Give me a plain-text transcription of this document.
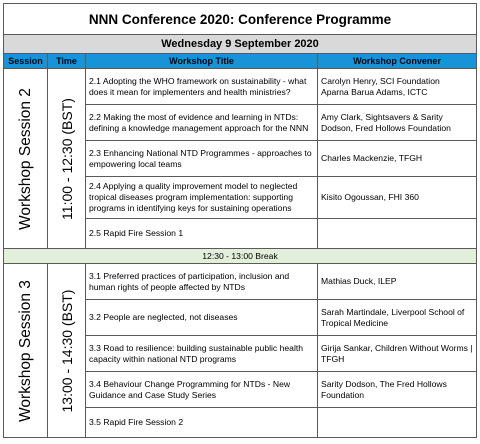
NNN Conference 2020: Conference Programme			
Wednesday 9 September 2020			
Session	Time	Workshop Title	Workshop Convener

Workshop Session 2	11:00 - 12:30 (BST)	2.1 Adopting the WHO framework on sustainability - what does it mean for implementers and health ministries?	Carolyn Henry, SCI Foundation
Aparna Barua Adams, ICTC
		2.2 Making the most of evidence and learning in NTDs: defining a knowledge management approach for the NNN	Amy Clark, Sightsavers & Sarity Dodson, Fred Hollows Foundation
		2.3 Enhancing National NTD Programmes - approaches to empowering local teams	Charles Mackenzie, TFGH
		2.4 Applying a quality improvement model to neglected tropical diseases program implementation: supporting programs in identifying keys for sustaining operations	Kisito Ogoussan, FHI 360
		2.5 Rapid Fire Session 1	
12:30 - 13:00 Break			

Workshop Session 3	13:00 - 14:30 (BST)	3.1 Preferred practices of participation, inclusion and human rights of people affected by NTDs	Mathias Duck, ILEP
		3.2 People are neglected, not diseases	Sarah Martindale, Liverpool School of Tropical Medicine
		3.3 Road to resilience: building sustainable public health capacity within national NTD programs	Girija Sankar, Children Without Worms | TFGH
		3.4 Behaviour Change Programming for NTDs - New Guidance and Case Study Series	Sarity Dodson, The Fred Hollows Foundation
		3.5 Rapid Fire Session 2	
